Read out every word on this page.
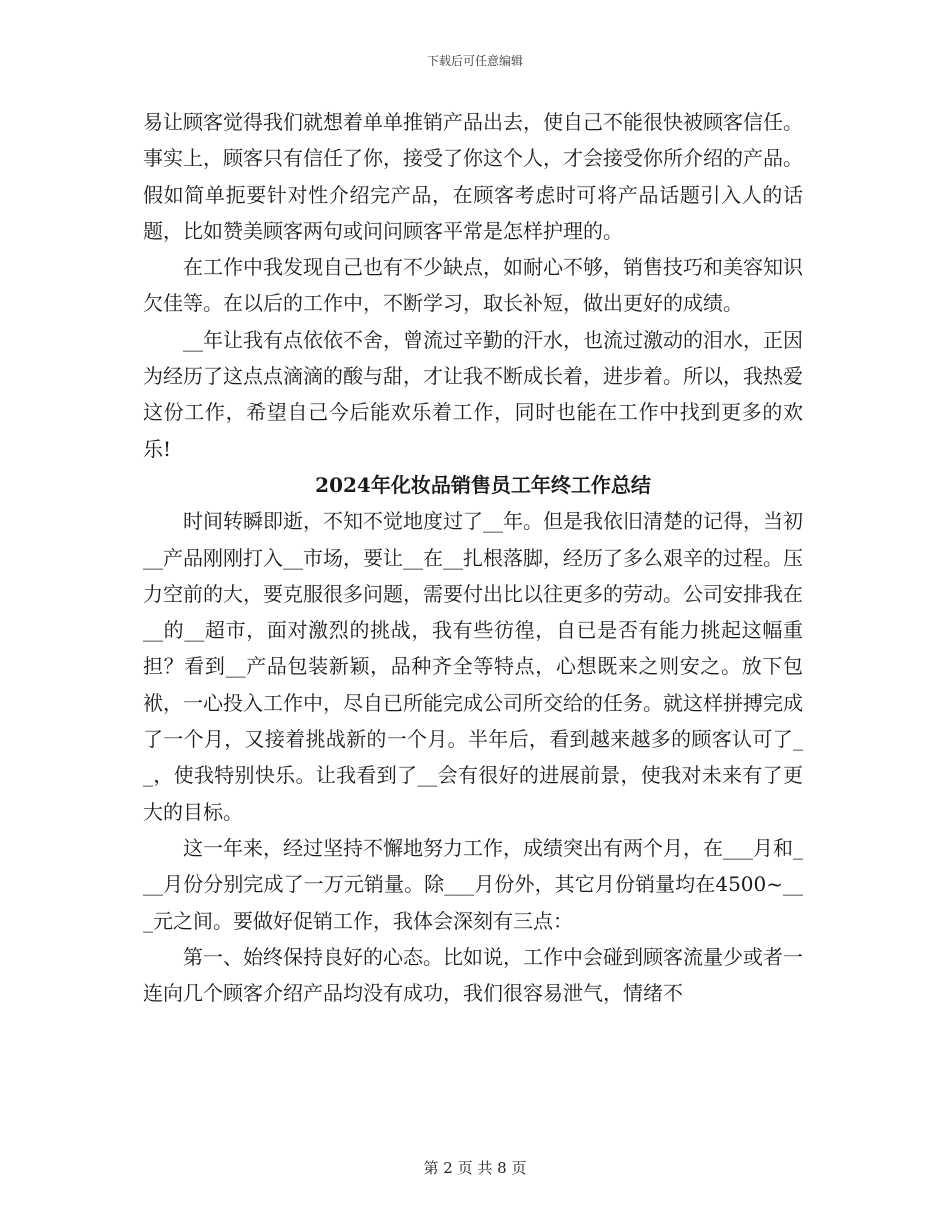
下载后可任意编辑

易让顾客觉得我们就想着单单推销产品出去，使自己不能很快被顾客信任。事实上，顾客只有信任了你，接受了你这个人，才会接受你所介绍的产品。假如简单扼要针对性介绍完产品，在顾客考虑时可将产品话题引入人的话题，比如赞美顾客两句或问问顾客平常是怎样护理的。

在工作中我发现自己也有不少缺点，如耐心不够，销售技巧和美容知识欠佳等。在以后的工作中，不断学习，取长补短，做出更好的成绩。

__年让我有点依依不舍，曾流过辛勤的汗水，也流过激动的泪水，正因为经历了这点点滴滴的酸与甜，才让我不断成长着，进步着。所以，我热爱这份工作，希望自己今后能欢乐着工作，同时也能在工作中找到更多的欢乐!

2024年化妆品销售员工年终工作总结

时间转瞬即逝，不知不觉地度过了__年。但是我依旧清楚的记得，当初__产品刚刚打入__市场，要让__在__扎根落脚，经历了多么艰辛的过程。压力空前的大，要克服很多问题，需要付出比以往更多的劳动。公司安排我在__的__超市，面对激烈的挑战，我有些彷徨，自已是否有能力挑起这幅重担？看到__产品包装新颖，品种齐全等特点，心想既来之则安之。放下包袱，一心投入工作中，尽自已所能完成公司所交给的任务。就这样拼搏完成了一个月，又接着挑战新的一个月。半年后，看到越来越多的顾客认可了__，使我特别快乐。让我看到了__会有很好的进展前景，使我对未来有了更大的目标。

这一年来，经过坚持不懈地努力工作，成绩突出有两个月，在___月和___月份分别完成了一万元销量。除___月份外，其它月份销量均在4500~___元之间。要做好促销工作，我体会深刻有三点：

第一、始终保持良好的心态。比如说，工作中会碰到顾客流量少或者一连向几个顾客介绍产品均没有成功，我们很容易泄气，情绪不

第 2 页 共 8 页
